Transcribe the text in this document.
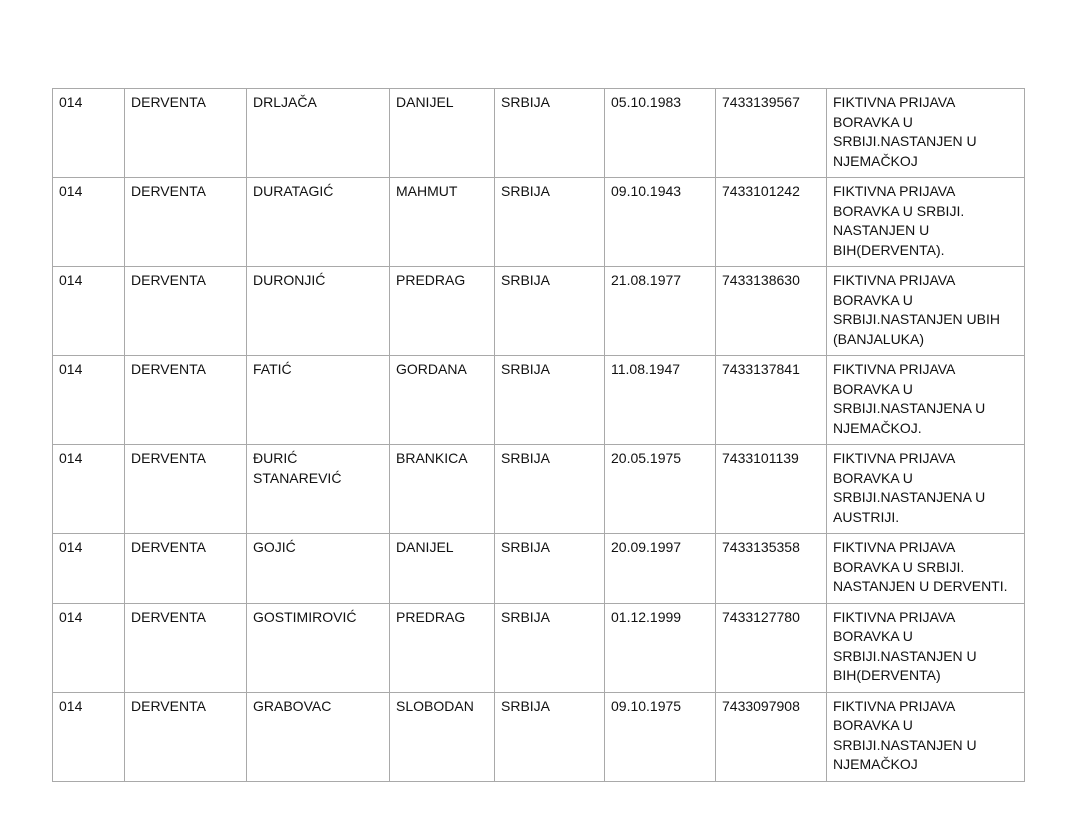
014	DERVENTA	DRLJAČA	DANIJEL	SRBIJA	05.10.1983	7433139567	FIKTIVNA PRIJAVA BORAVKA U SRBIJI.NASTANJEN U NJEMAČKOJ
014	DERVENTA	DURATAGIĆ	MAHMUT	SRBIJA	09.10.1943	7433101242	FIKTIVNA PRIJAVA BORAVKA U SRBIJI. NASTANJEN U BIH(DERVENTA).
014	DERVENTA	DURONJIĆ	PREDRAG	SRBIJA	21.08.1977	7433138630	FIKTIVNA PRIJAVA BORAVKA U SRBIJI.NASTANJEN UBIH (BANJALUKA)
014	DERVENTA	FATIĆ	GORDANA	SRBIJA	11.08.1947	7433137841	FIKTIVNA PRIJAVA BORAVKA U SRBIJI.NASTANJENA U NJEMAČKOJ.
014	DERVENTA	ĐURIĆ STANAREVIĆ	BRANKICA	SRBIJA	20.05.1975	7433101139	FIKTIVNA PRIJAVA BORAVKA U SRBIJI.NASTANJENA U AUSTRIJI.
014	DERVENTA	GOJIĆ	DANIJEL	SRBIJA	20.09.1997	7433135358	FIKTIVNA PRIJAVA BORAVKA U SRBIJI. NASTANJEN U DERVENTI.
014	DERVENTA	GOSTIMIROVIĆ	PREDRAG	SRBIJA	01.12.1999	7433127780	FIKTIVNA PRIJAVA BORAVKA U SRBIJI.NASTANJEN U BIH(DERVENTA)
014	DERVENTA	GRABOVAC	SLOBODAN	SRBIJA	09.10.1975	7433097908	FIKTIVNA PRIJAVA BORAVKA U SRBIJI.NASTANJEN U NJEMAČKOJ
